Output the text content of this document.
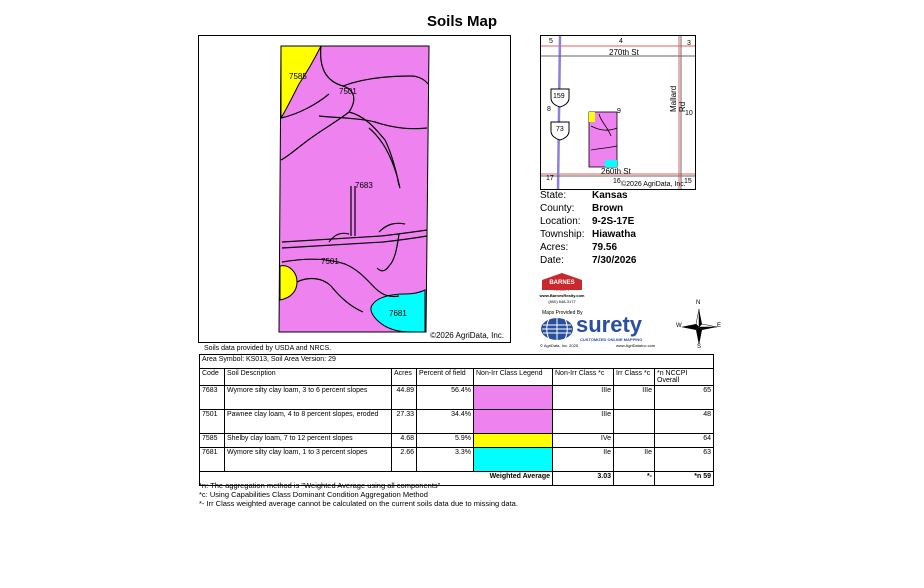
Soils Map
7585
7501
7683
7501
7681
©2026 AgriData, Inc.
Soils data provided by USDA and NRCS.
159
73
270th St
260th St
Mallard Rd
5	4	3
8	9	10
17	16	15
©2026 AgriData, Inc.
State:	Kansas
County: Brown
Location: 9-2S-17E
Township: Hiawatha
Acres: 79.56
Date:	7/30/2026
BARNES
REALTY
www.BarnesRealty.com
(800) 648-3177
Maps Provided By
surety
CUSTOMIZED ONLINE MAPPING
© AgriData, Inc. 2025	www.AgriDataInc.com
N
E
S
W
Area Symbol: KS013, Soil Area Version: 29							
Code	Soil Description	Acres	Percent of field	Non-Irr Class Legend	Non-Irr Class *c	Irr Class *c	*n NCCPI Overall
7683	Wymore silty clay loam, 3 to 6 percent slopes	44.89	56.4%		IIIe	IIIe	65
7501	Pawnee clay loam, 4 to 8 percent slopes, eroded	27.33	34.4%		IIIe		48
7585	Shelby clay loam, 7 to 12 percent slopes	4.68	5.9%		IVe		64
7681	Wymore silty clay loam, 1 to 3 percent slopes	2.66	3.3%		IIe	IIe	63
Weighted Average					3.03	*-	*n 59
*n: The aggregation method is "Weighted Average using all components"
*c: Using Capabilities Class Dominant Condition Aggregation Method
*- Irr Class weighted average cannot be calculated on the current soils data due to missing data.
